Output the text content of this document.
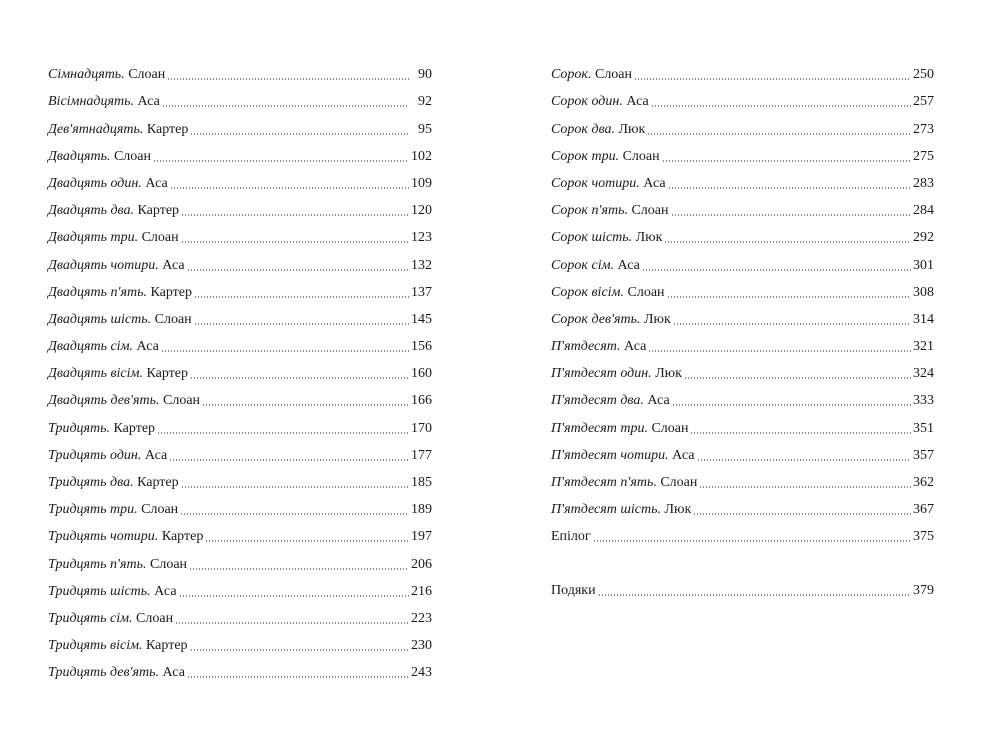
Сімнадцять. Слоан	90
Вісімнадцять. Аса	92
Дев'ятнадцять. Картер	95
Двадцять. Слоан	102
Двадцять один. Аса	109
Двадцять два. Картер	120
Двадцять три. Слоан	123
Двадцять чотири. Аса	132
Двадцять п'ять. Картер	137
Двадцять шість. Слоан	145
Двадцять сім. Аса	156
Двадцять вісім. Картер	160
Двадцять дев'ять. Слоан	166
Тридцять. Картер	170
Тридцять один. Аса	177
Тридцять два. Картер	185
Тридцять три. Слоан	189
Тридцять чотири. Картер	197
Тридцять п'ять. Слоан	206
Тридцять шість. Аса	216
Тридцять сім. Слоан	223
Тридцять вісім. Картер	230
Тридцять дев'ять. Аса	243
Сорок. Слоан	250
Сорок один. Аса	257
Сорок два. Люк	273
Сорок три. Слоан	275
Сорок чотири. Аса	283
Сорок п'ять. Слоан	284
Сорок шість. Люк	292
Сорок сім. Аса	301
Сорок вісім. Слоан	308
Сорок дев'ять. Люк	314
П'ятдесят. Аса	321
П'ятдесят один. Люк	324
П'ятдесят два. Аса	333
П'ятдесят три. Слоан	351
П'ятдесят чотири. Аса	357
П'ятдесят п'ять. Слоан	362
П'ятдесят шість. Люк	367
Епілог	375
Подяки	379
